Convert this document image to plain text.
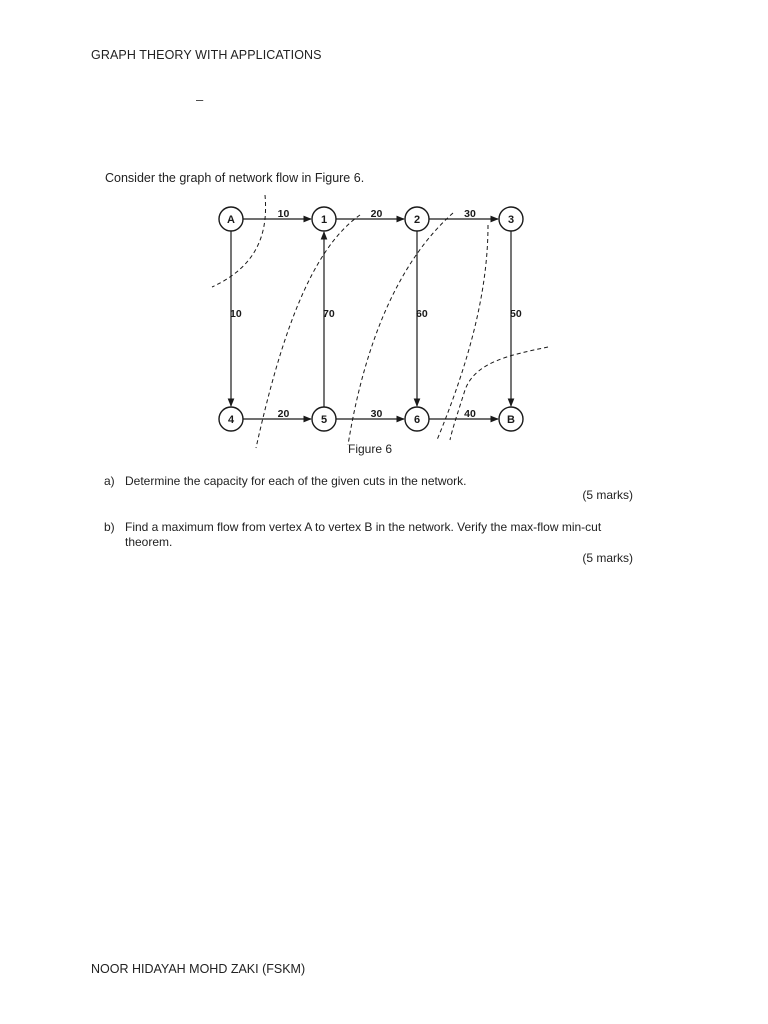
GRAPH THEORY WITH APPLICATIONS
–
Consider the graph of network flow in Figure 6.
A	1	2	3
4	5	6	B
10	20	30
10	70	60	50
20	30	40
Figure 6
a) Determine the capacity for each of the given cuts in the network.
(5 marks)
b) Find a maximum flow from vertex A to vertex B in the network. Verify the max-flow min-cut theorem.
(5 marks)
NOOR HIDAYAH MOHD ZAKI (FSKM)
